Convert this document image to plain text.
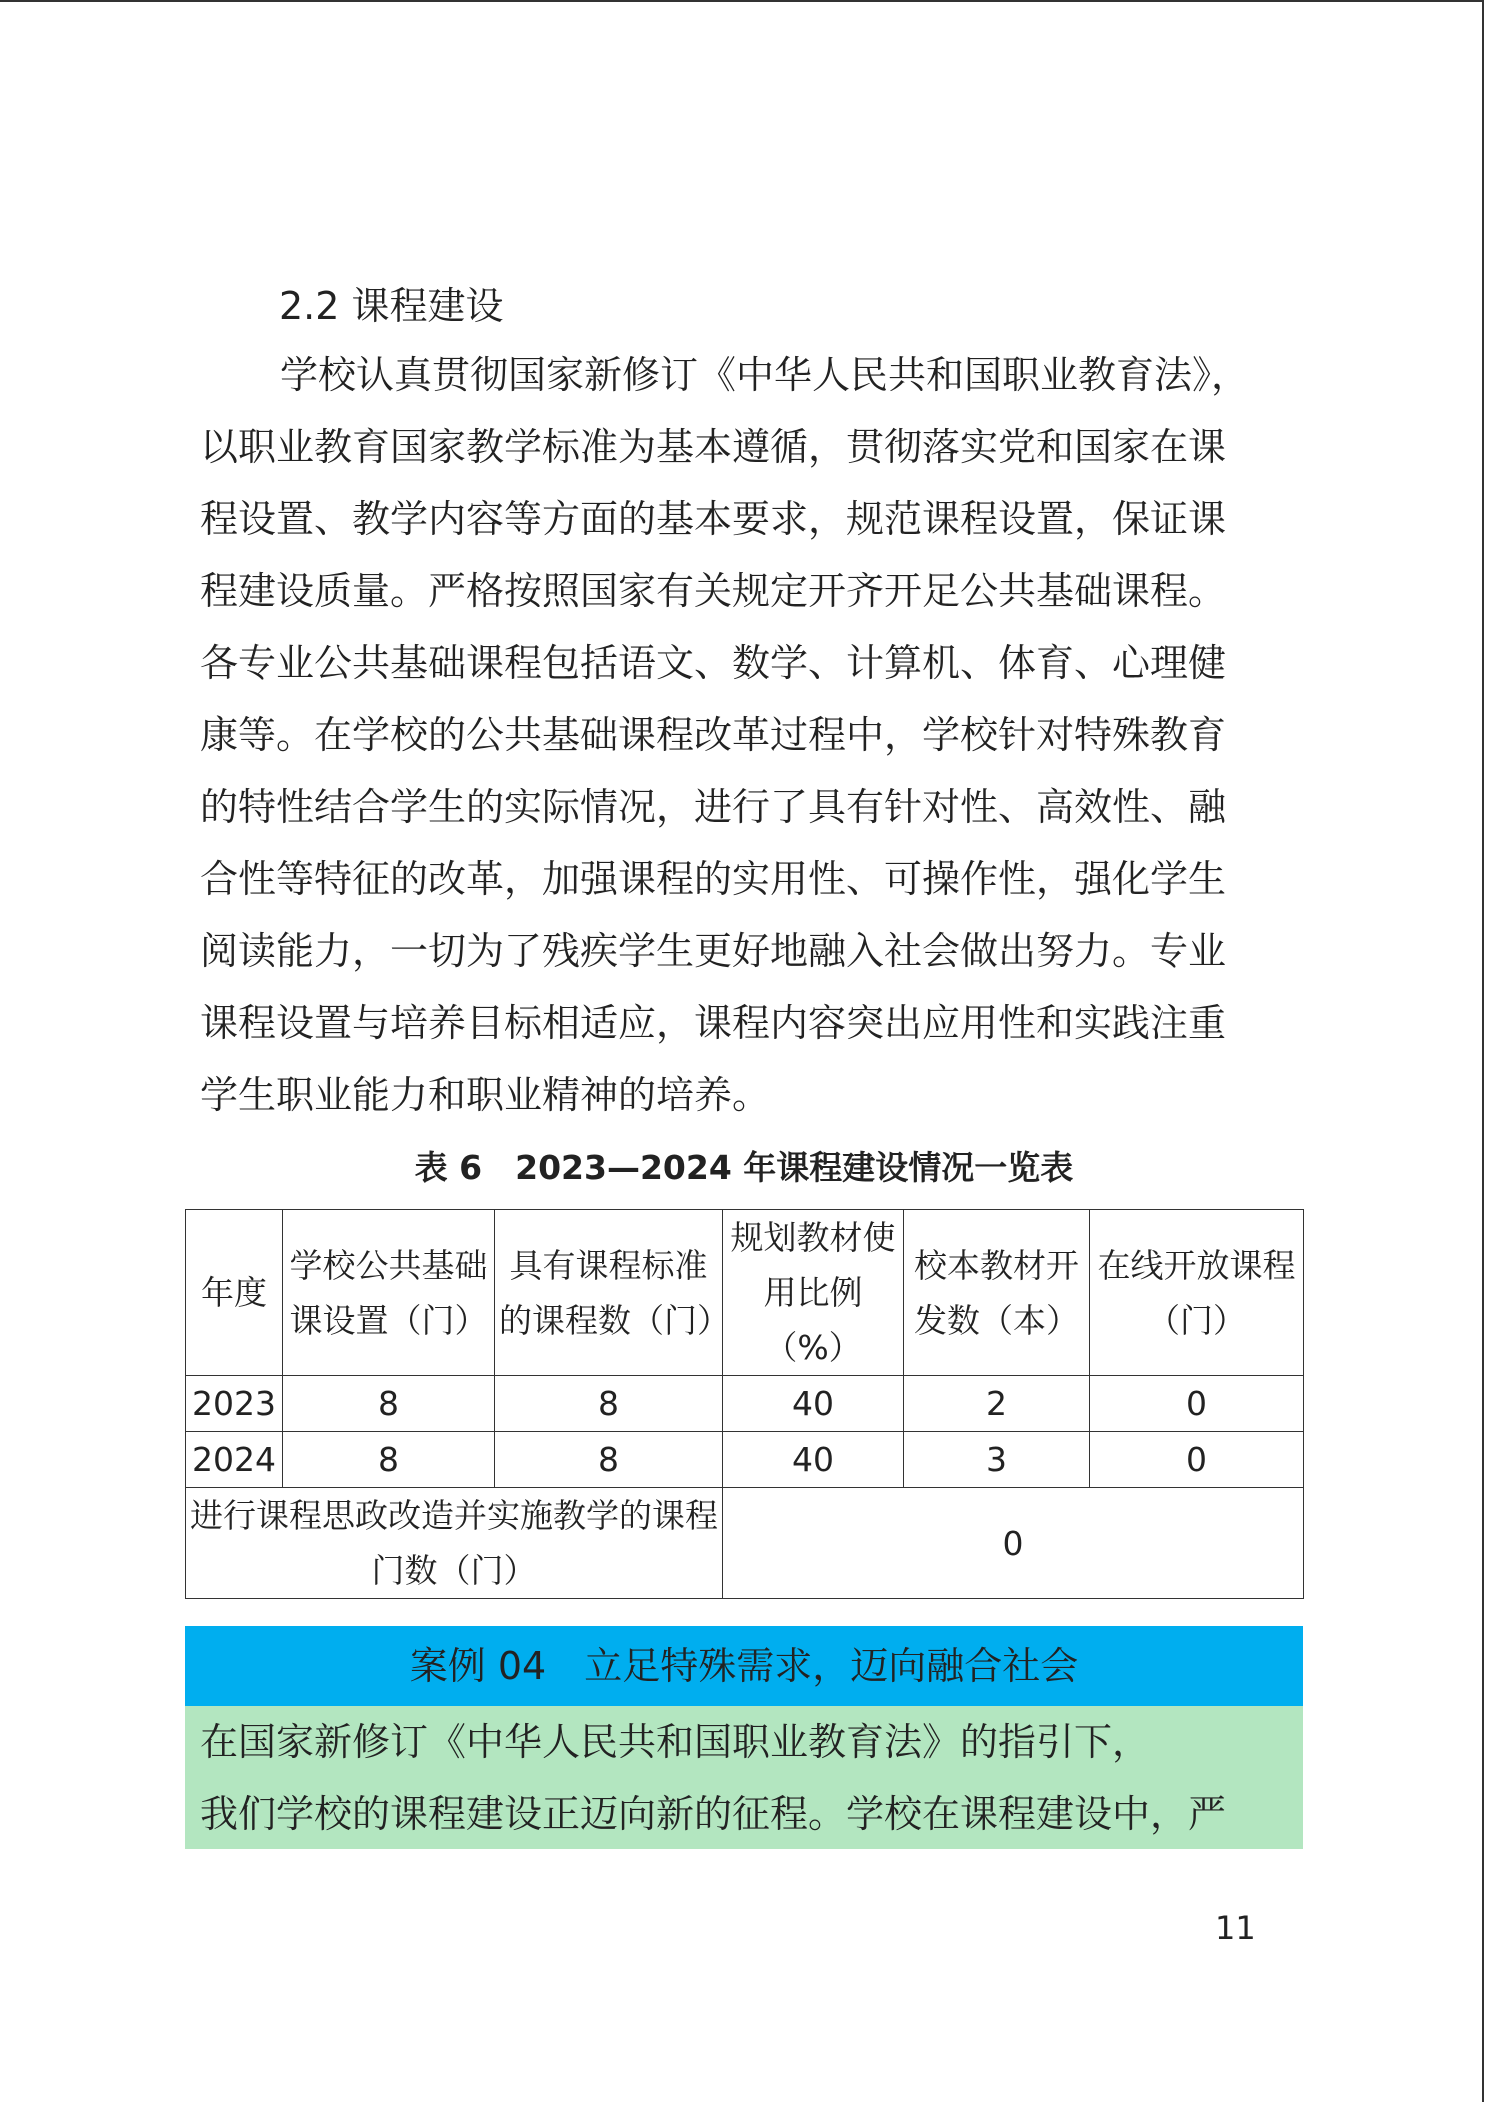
2.2 课程建设
学校认真贯彻国家新修订《中华人民共和国职业教育法》，
以职业教育国家教学标准为基本遵循，贯彻落实党和国家在课
程设置、教学内容等方面的基本要求，规范课程设置，保证课
程建设质量。严格按照国家有关规定开齐开足公共基础课程。
各专业公共基础课程包括语文、数学、计算机、体育、心理健
康等。在学校的公共基础课程改革过程中，学校针对特殊教育
的特性结合学生的实际情况，进行了具有针对性、高效性、融
合性等特征的改革，加强课程的实用性、可操作性，强化学生
阅读能力，一切为了残疾学生更好地融入社会做出努力。专业
课程设置与培养目标相适应，课程内容突出应用性和实践注重
学生职业能力和职业精神的培养。
表 6　2023—2024 年课程建设情况一览表
年度	学校公共基础课设置（门）	具有课程标准的课程数（门）	规划教材使用比例（%）	校本教材开发数（本）	在线开放课程（门）
2023	8	8	40	2	0
2024	8	8	40	3	0
进行课程思政改造并实施教学的课程门数（门）			0		
案例 04　立足特殊需求，迈向融合社会
在国家新修订《中华人民共和国职业教育法》的指引下，
我们学校的课程建设正迈向新的征程。学校在课程建设中，严
11
